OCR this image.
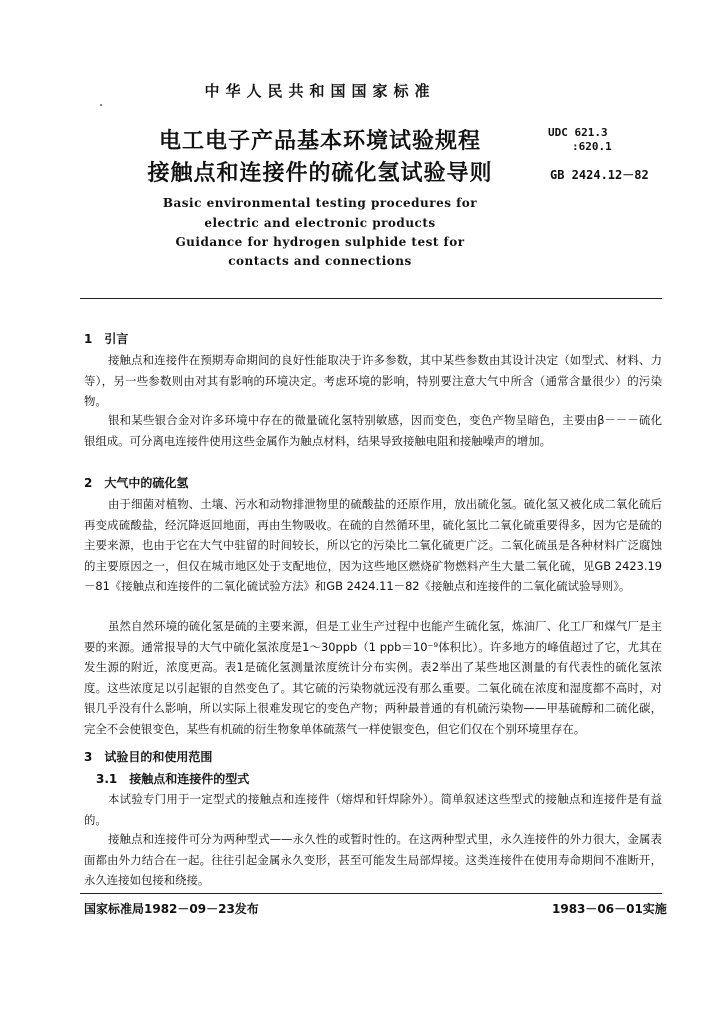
中华人民共和国国家标准
电工电子产品基本环境试验规程
接触点和连接件的硫化氢试验导则
UDC 621.3
:620.1
GB 2424.12－82
Basic environmental testing procedures for
electric and electronic products
Guidance for hydrogen sulphide test for
contacts and connections
1　引言
接触点和连接件在预期寿命期间的良好性能取决于许多参数，其中某些参数由其设计决定（如型式、材料、力等），另一些参数则由对其有影响的环境决定。考虑环境的影响，特别要注意大气中所含（通常含量很少）的污染物。
银和某些银合金对许多环境中存在的微量硫化氢特别敏感，因而变色，变色产物呈暗色，主要由β－－－硫化银组成。可分离电连接件使用这些金属作为触点材料，结果导致接触电阻和接触噪声的增加。
2　大气中的硫化氢
由于细菌对植物、土壤、污水和动物排泄物里的硫酸盐的还原作用，放出硫化氢。硫化氢又被化成二氧化硫后再变成硫酸盐，经沉降返回地面，再由生物吸收。在硫的自然循环里，硫化氢比二氧化硫重要得多，因为它是硫的主要来源，也由于它在大气中驻留的时间较长，所以它的污染比二氧化硫更广泛。二氧化硫虽是各种材料广泛腐蚀的主要原因之一，但仅在城市地区处于支配地位，因为这些地区燃烧矿物燃料产生大量二氧化硫，见GB 2423.19－81《接触点和连接件的二氧化硫试验方法》和GB 2424.11－82《接触点和连接件的二氧化硫试验导则》。
虽然自然环境的硫化氢是硫的主要来源，但是工业生产过程中也能产生硫化氢，炼油厂、化工厂和煤气厂是主要的来源。通常报导的大气中硫化氢浓度是1～30ppb（1 ppb＝10⁻⁹体积比）。许多地方的峰值超过了它，尤其在发生源的附近，浓度更高。表1是硫化氢测量浓度统计分布实例。表2举出了某些地区测量的有代表性的硫化氢浓度。这些浓度足以引起银的自然变色了。其它硫的污染物就远没有那么重要。二氧化硫在浓度和湿度都不高时，对银几乎没有什么影响，所以实际上很难发现它的变色产物；两种最普通的有机硫污染物——甲基硫醇和二硫化碳，完全不会使银变色，某些有机硫的衍生物象单体硫蒸气一样使银变色，但它们仅在个别环境里存在。
3　试验目的和使用范围
3.1　接触点和连接件的型式
本试验专门用于一定型式的接触点和连接件（熔焊和钎焊除外）。简单叙述这些型式的接触点和连接件是有益的。
接触点和连接件可分为两种型式——永久性的或暂时性的。在这两种型式里，永久连接件的外力很大，金属表面都由外力结合在一起。往往引起金属永久变形，甚至可能发生局部焊接。这类连接件在使用寿命期间不准断开，永久连接如包接和绕接。
国家标准局1982－09－23发布	1983－06－01实施
